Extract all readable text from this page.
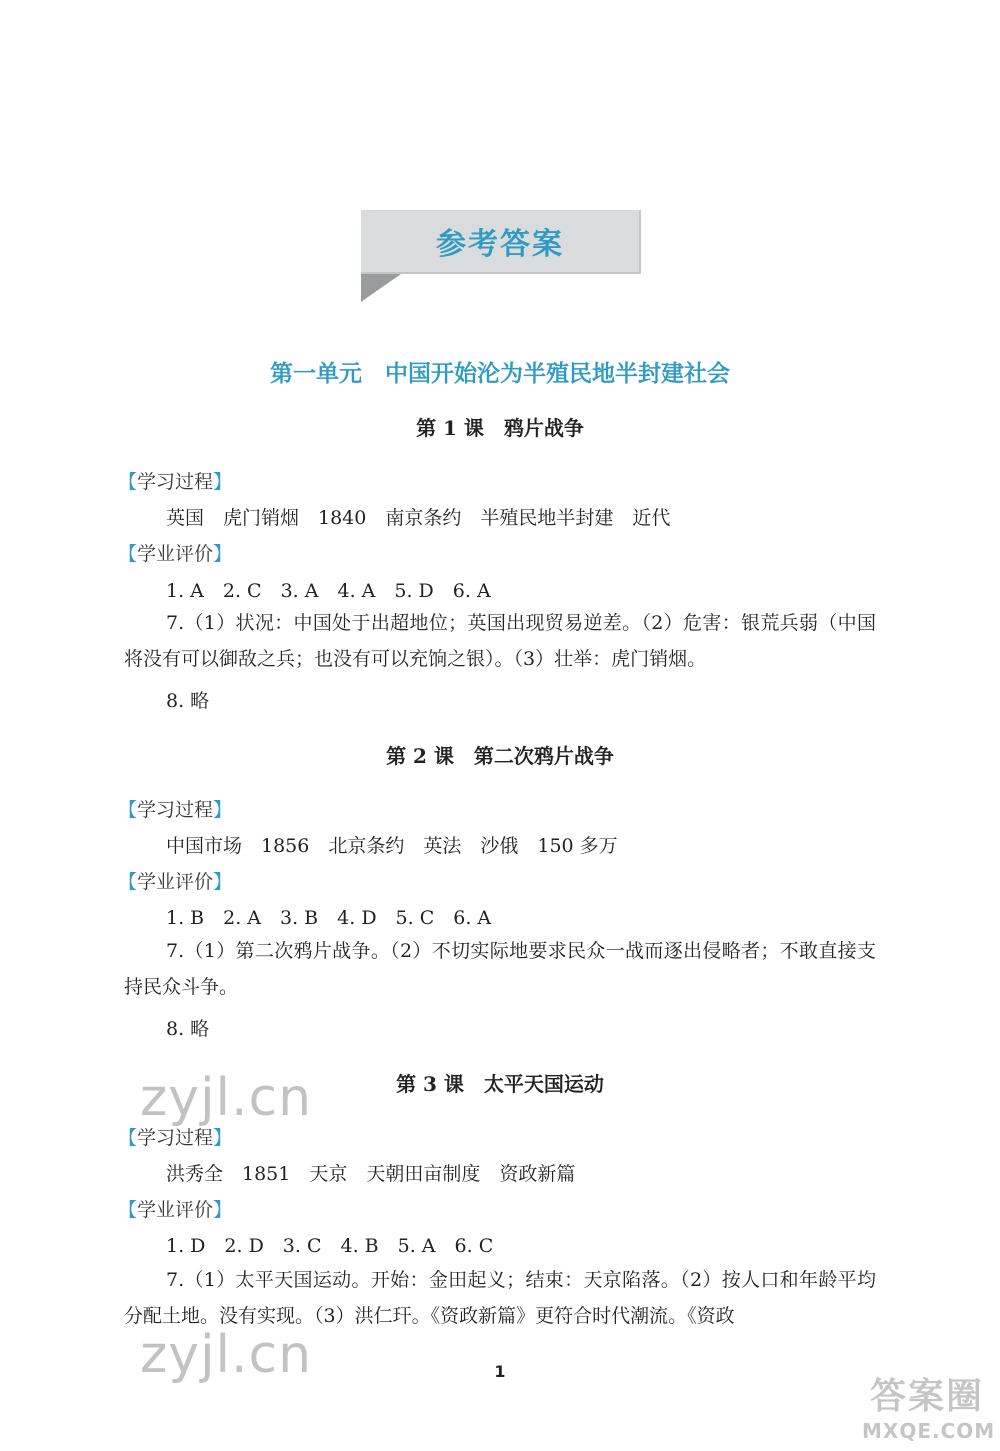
参考答案
第一单元　中国开始沦为半殖民地半封建社会
第 1 课　鸦片战争
【学习过程】
英国　虎门销烟　1840　南京条约　半殖民地半封建　近代
【学业评价】
1. A　2. C　3. A　4. A　5. D　6. A
7.（1）状况：中国处于出超地位；英国出现贸易逆差。（2）危害：银荒兵弱（中国将没有可以御敌之兵；也没有可以充饷之银）。（3）壮举：虎门销烟。
8. 略
第 2 课　第二次鸦片战争
【学习过程】
中国市场　1856　北京条约　英法　沙俄　150 多万
【学业评价】
1. B　2. A　3. B　4. D　5. C　6. A
7.（1）第二次鸦片战争。（2）不切实际地要求民众一战而逐出侵略者；不敢直接支持民众斗争。
8. 略
第 3 课　太平天国运动
【学习过程】
洪秀全　1851　天京　天朝田亩制度　资政新篇
【学业评价】
1. D　2. D　3. C　4. B　5. A　6. C
7.（1）太平天国运动。开始：金田起义；结束：天京陷落。（2）按人口和年龄平均分配土地。没有实现。（3）洪仁玕。《资政新篇》更符合时代潮流。《资政
1
zyjl.cn
zyjl.cn
答案圈
MXQE.COM
